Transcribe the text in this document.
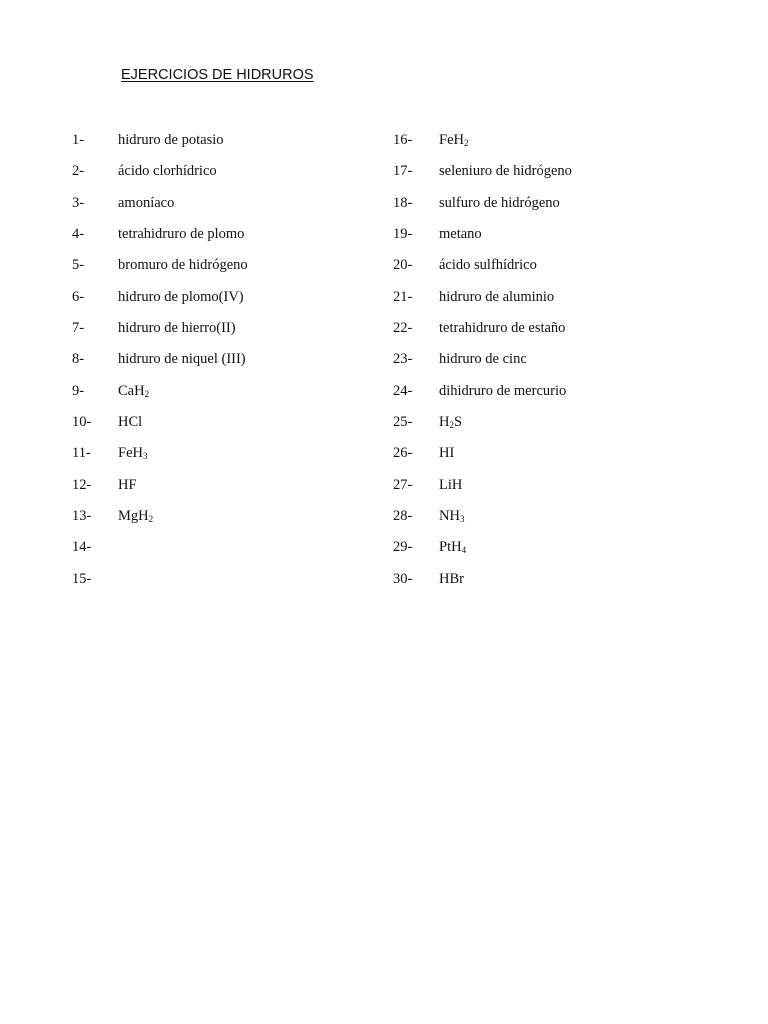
EJERCICIOS DE HIDRUROS
1- hidruro de potasio
2- ácido clorhídrico
3- amoníaco
4- tetrahidruro de plomo
5- bromuro de hidrógeno
6- hidruro de plomo(IV)
7- hidruro de hierro(II)
8- hidruro de niquel (III)
9- CaH$_2$
10- HCl
11- FeH$_3$
12- HF
13- MgH$_2$
14-
15-
16- FeH$_2$
17- seleniuro de hidrógeno
18- sulfuro de hidrógeno
19- metano
20- ácido sulfhídrico
21- hidruro de aluminio
22- tetrahidruro de estaño
23- hidruro de cinc
24- dihidruro de mercurio
25- $H_2S$
26- HI
27- LiH
28- $NH_3$
29- PtH$_4$
30- HBr
